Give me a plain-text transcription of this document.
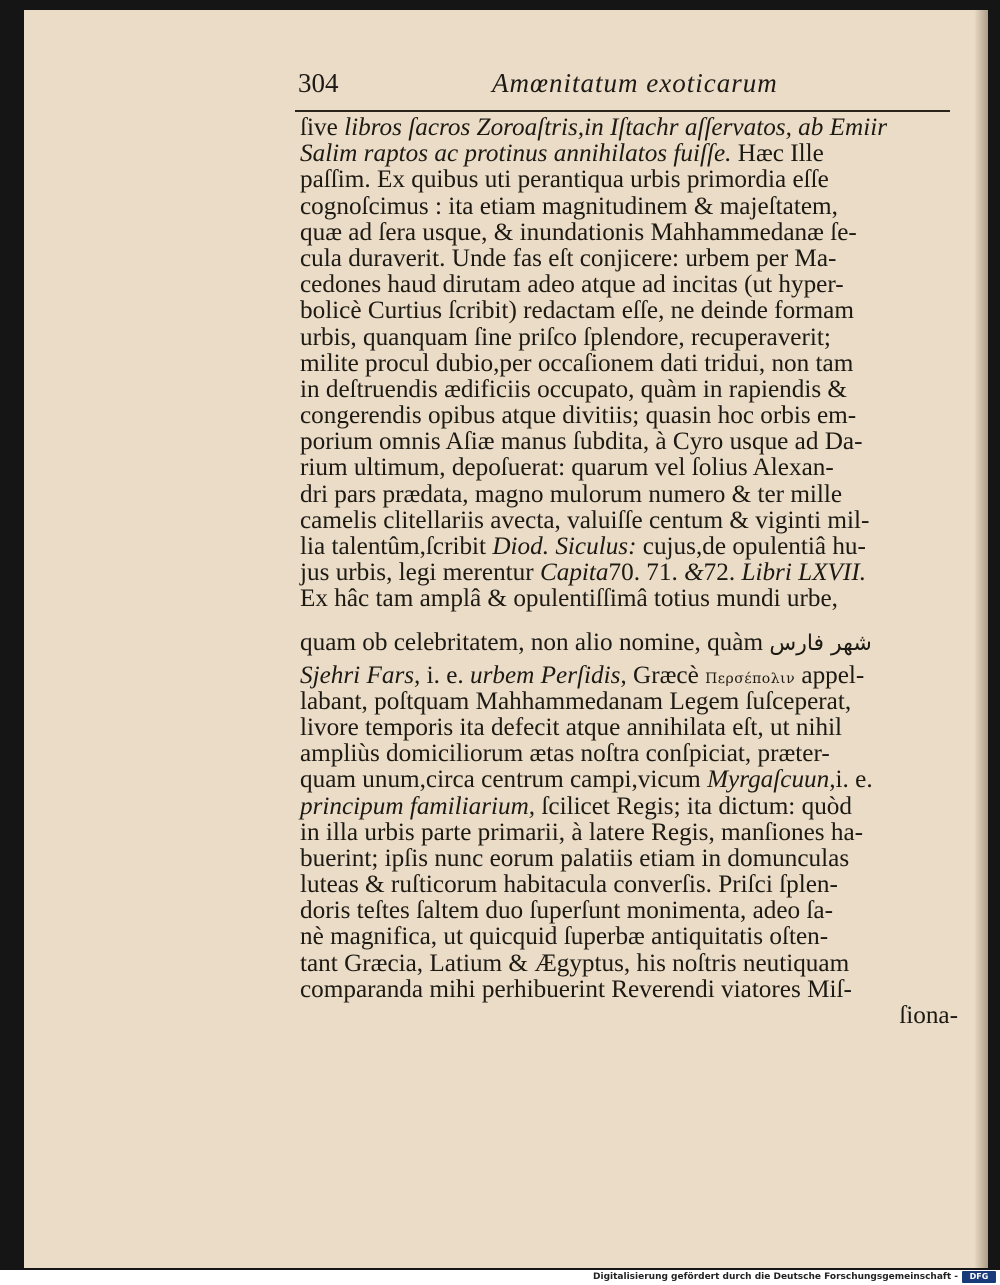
304	Amœnitatum exoticarum
ſive libros ſacros Zoroaſtris,in Iſtachr aſſervatos, ab Emiir
Salim raptos ac protinus annihilatos fuiſſe. Hæc Ille
paſſim. Ex quibus uti perantiqua urbis primordia eſſe
cognoſcimus : ita etiam magnitudinem & majeſtatem,
quæ ad ſera usque, & inundationis Mahhammedanæ ſe-
cula duraverit. Unde fas eſt conjicere: urbem per Ma-
cedones haud dirutam adeo atque ad incitas (ut hyper-
bolicè Curtius ſcribit) redactam eſſe, ne deinde formam
urbis, quanquam ſine priſco ſplendore, recuperaverit;
milite procul dubio,per occaſionem dati tridui, non tam
in deſtruendis ædificiis occupato, quàm in rapiendis &
congerendis opibus atque divitiis; quasin hoc orbis em-
porium omnis Aſiæ manus ſubdita, à Cyro usque ad Da-
rium ultimum, depoſuerat: quarum vel ſolius Alexan-
dri pars prædata, magno mulorum numero & ter mille
camelis clitellariis avecta, valuiſſe centum & viginti mil-
lia talentûm,ſcribit Diod. Siculus: cujus,de opulentiâ hu-
jus urbis, legi merentur Capita70. 71. &72. Libri LXVII.
Ex hâc tam amplâ & opulentiſſimâ totius mundi urbe,
quam ob celebritatem, non alio nomine, quàm شهر فارس
Sjehri Fars, i. e. urbem Perſidis, Græcè Περσέπολιν appel-
labant, poſtquam Mahhammedanam Legem ſuſceperat,
livore temporis ita defecit atque annihilata eſt, ut nihil
ampliùs domiciliorum ætas noſtra conſpiciat, præter-
quam unum,circa centrum campi,vicum Myrgaſcuun,i. e.
principum familiarium, ſcilicet Regis; ita dictum: quòd
in illa urbis parte primarii, à latere Regis, manſiones ha-
buerint; ipſis nunc eorum palatiis etiam in domunculas
luteas & ruſticorum habitacula converſis. Priſci ſplen-
doris teſtes ſaltem duo ſuperſunt monimenta, adeo ſa-
nè magnifica, ut quicquid ſuperbæ antiquitatis oſten-
tant Græcia, Latium & Ægyptus, his noſtris neutiquam
comparanda mihi perhibuerint Reverendi viatores Miſ-
ſiona-
Digitalisierung gefördert durch die Deutsche Forschungsgemeinschaft -	DFG
